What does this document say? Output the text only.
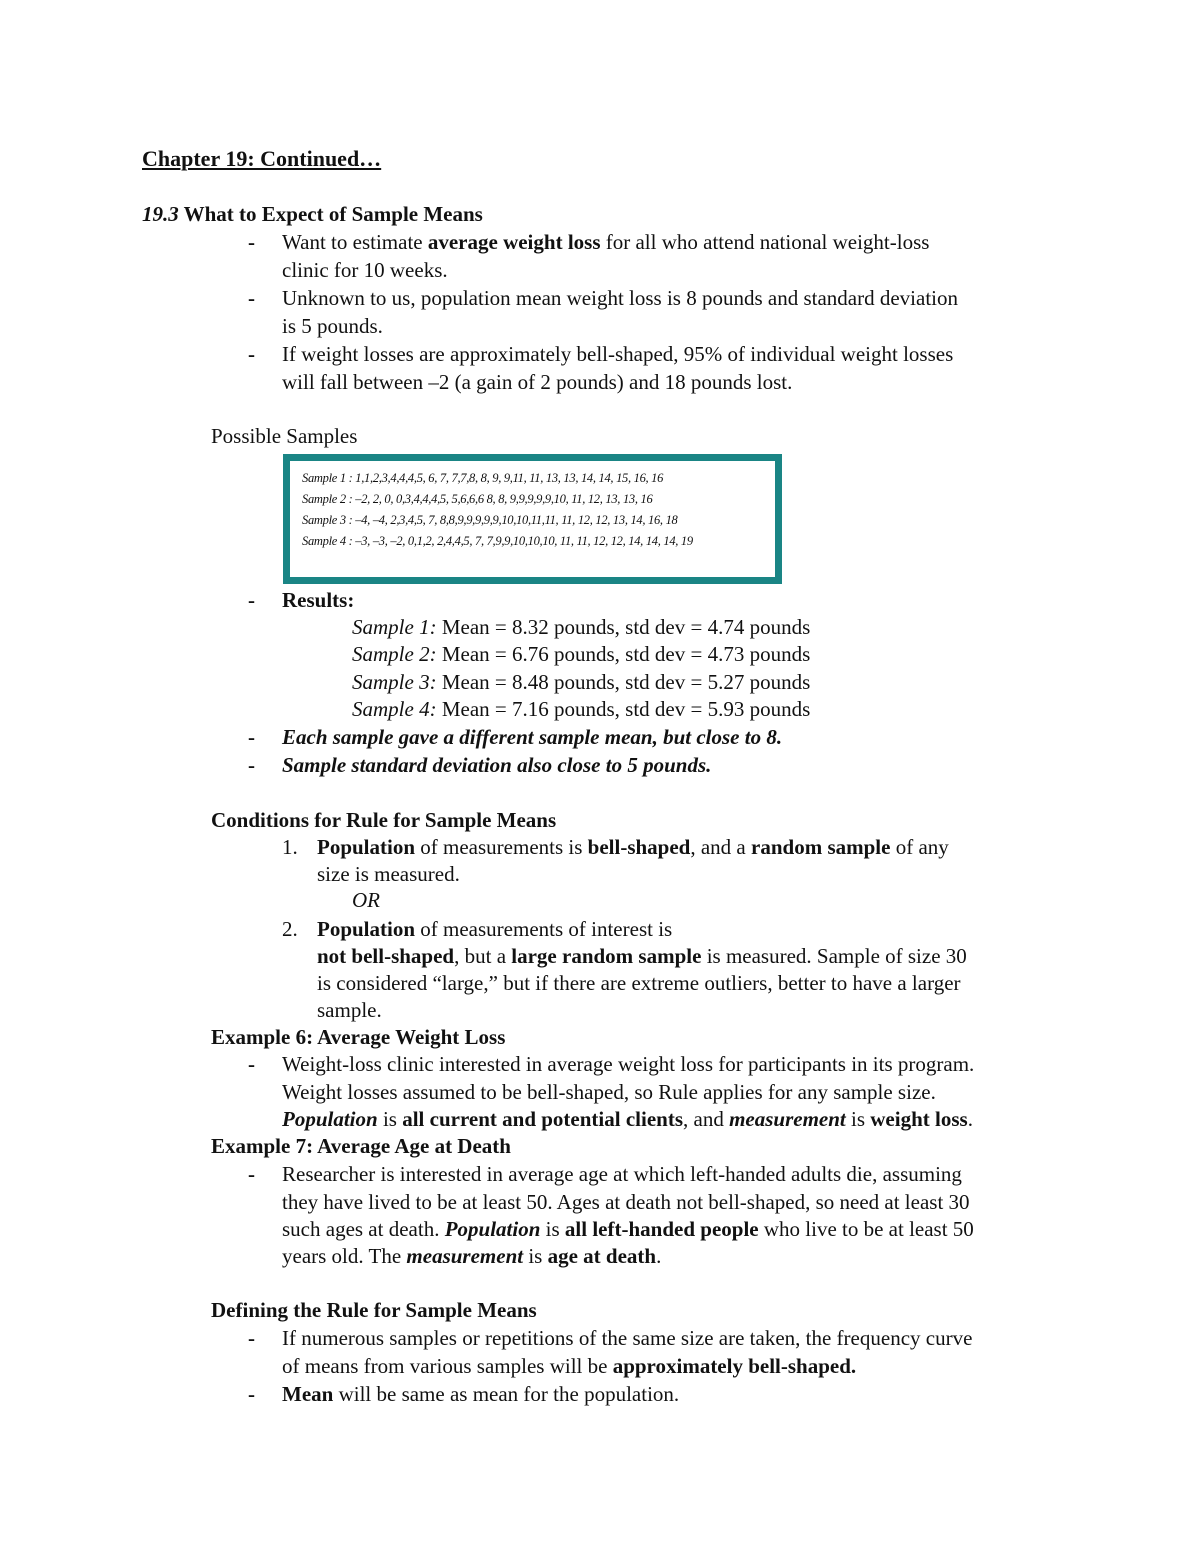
Chapter 19: Continued…
19.3 What to Expect of Sample Means
- Want to estimate average weight loss for all who attend national weight-loss
clinic for 10 weeks.
- Unknown to us, population mean weight loss is 8 pounds and standard deviation
is 5 pounds.
- If weight losses are approximately bell-shaped, 95% of individual weight losses
will fall between –2 (a gain of 2 pounds) and 18 pounds lost.
Possible Samples
Sample 1 : 1,1,2,3,4,4,4,5, 6, 7, 7,7,8, 8, 9, 9,11, 11, 13, 13, 14, 14, 15, 16, 16
Sample 2 : –2, 2, 0, 0,3,4,4,4,5, 5,6,6,6 8, 8, 9,9,9,9,9,10, 11, 12, 13, 13, 16
Sample 3 : –4, –4, 2,3,4,5, 7, 8,8,9,9,9,9,9,10,10,11,11, 11, 12, 12, 13, 14, 16, 18
Sample 4 : –3, –3, –2, 0,1,2, 2,4,4,5, 7, 7,9,9,10,10,10, 11, 11, 12, 12, 14, 14, 14, 19
- Results:
Sample 1: Mean = 8.32 pounds, std dev = 4.74 pounds
Sample 2: Mean = 6.76 pounds, std dev = 4.73 pounds
Sample 3: Mean = 8.48 pounds, std dev = 5.27 pounds
Sample 4: Mean = 7.16 pounds, std dev = 5.93 pounds
- Each sample gave a different sample mean, but close to 8.
- Sample standard deviation also close to 5 pounds.
Conditions for Rule for Sample Means
1. Population of measurements is bell-shaped, and a random sample of any
size is measured.
OR
2. Population of measurements of interest is
not bell-shaped, but a large random sample is measured. Sample of size 30
is considered “large,” but if there are extreme outliers, better to have a larger
sample.
Example 6: Average Weight Loss
- Weight-loss clinic interested in average weight loss for participants in its program.
Weight losses assumed to be bell-shaped, so Rule applies for any sample size.
Population is all current and potential clients, and measurement is weight loss.
Example 7: Average Age at Death
- Researcher is interested in average age at which left-handed adults die, assuming
they have lived to be at least 50. Ages at death not bell-shaped, so need at least 30
such ages at death. Population is all left-handed people who live to be at least 50
years old. The measurement is age at death.
Defining the Rule for Sample Means
- If numerous samples or repetitions of the same size are taken, the frequency curve
of means from various samples will be approximately bell-shaped.
- Mean will be same as mean for the population.
